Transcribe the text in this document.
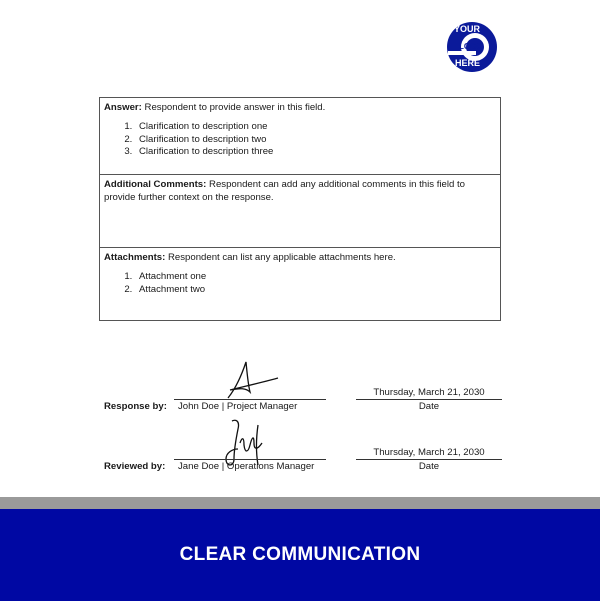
YOUR
LOGO
HERE
Answer: Respondent to provide answer in this field.
1. Clarification to description one
2. Clarification to description two
3. Clarification to description three
Additional Comments: Respondent can add any additional comments in this field to provide further context on the response.
Attachments: Respondent can list any applicable attachments here.
1. Attachment one
2. Attachment two
Response by: John Doe | Project Manager
Thursday, March 21, 2030
Date
Reviewed by: Jane Doe | Operations Manager
Thursday, March 21, 2030
Date
CLEAR COMMUNICATION
